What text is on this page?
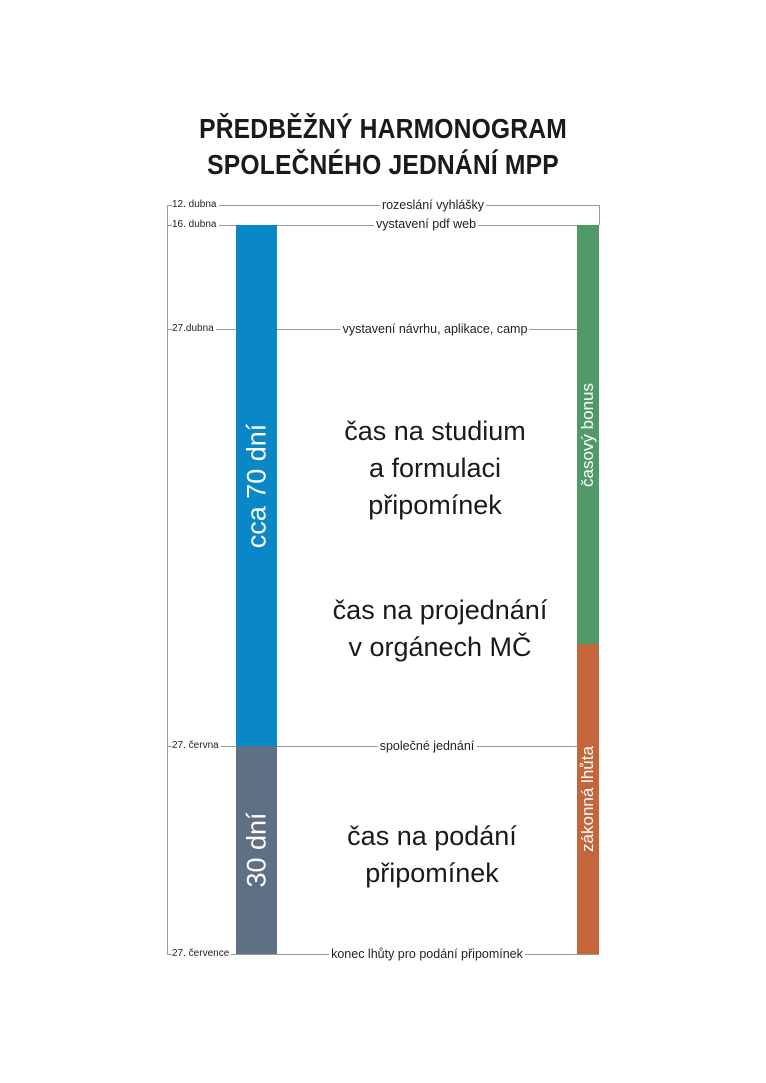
PŘEDBĚŽNÝ HARMONOGRAM
SPOLEČNÉHO JEDNÁNÍ MPP
12. dubna
16. dubna
27.dubna
27. června
27. července
cca 70 dní
30 dní
časový bonus
zákonná lhůta
rozeslání vyhlášky
vystavení pdf web
vystavení návrhu, aplikace, camp
společné jednání
konec lhůty pro podání připomínek
čas na studium
a formulaci
připomínek
čas na projednání
v orgánech MČ
čas na podání
připomínek
